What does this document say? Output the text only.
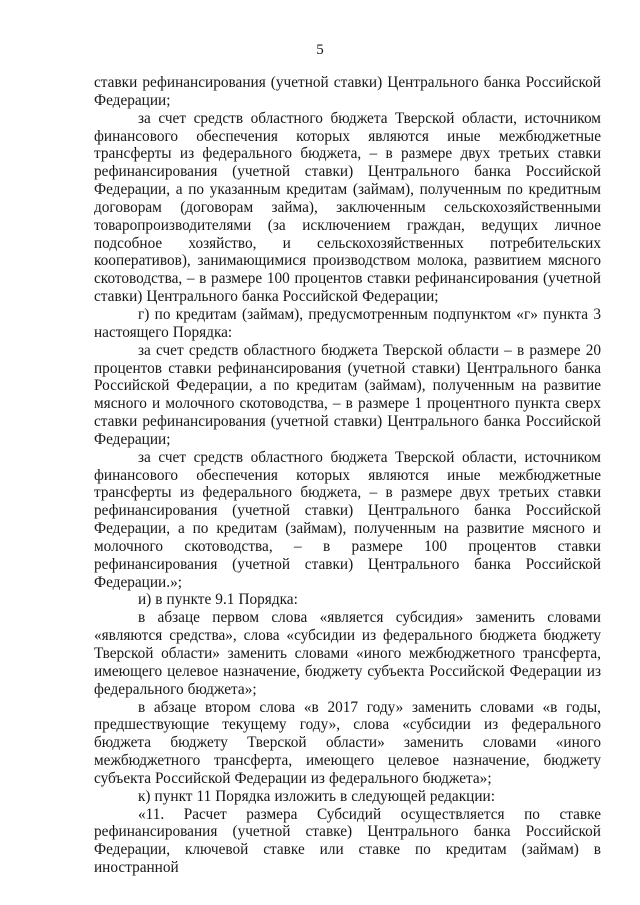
5

ставки рефинансирования (учетной ставки) Центрального банка Российской Федерации;

за счет средств областного бюджета Тверской области, источником финансового обеспечения которых являются иные межбюджетные трансферты из федерального бюджета, – в размере двух третьих ставки рефинансирования (учетной ставки) Центрального банка Российской Федерации, а по указанным кредитам (займам), полученным по кредитным договорам (договорам займа), заключенным сельскохозяйственными товаропроизводителями (за исключением граждан, ведущих личное подсобное хозяйство, и сельскохозяйственных потребительских кооперативов), занимающимися производством молока, развитием мясного скотоводства, – в размере 100 процентов ставки рефинансирования (учетной ставки) Центрального банка Российской Федерации;

г) по кредитам (займам), предусмотренным подпунктом «г» пункта 3 настоящего Порядка:

за счет средств областного бюджета Тверской области – в размере 20 процентов ставки рефинансирования (учетной ставки) Центрального банка Российской Федерации, а по кредитам (займам), полученным на развитие мясного и молочного скотоводства, – в размере 1 процентного пункта сверх ставки рефинансирования (учетной ставки) Центрального банка Российской Федерации;

за счет средств областного бюджета Тверской области, источником финансового обеспечения которых являются иные межбюджетные трансферты из федерального бюджета, – в размере двух третьих ставки рефинансирования (учетной ставки) Центрального банка Российской Федерации, а по кредитам (займам), полученным на развитие мясного и молочного скотоводства, – в размере 100 процентов ставки рефинансирования (учетной ставки) Центрального банка Российской Федерации.»;

и) в пункте 9.1 Порядка:

в абзаце первом слова «является субсидия» заменить словами «являются средства», слова «субсидии из федерального бюджета бюджету Тверской области» заменить словами «иного межбюджетного трансферта, имеющего целевое назначение, бюджету субъекта Российской Федерации из федерального бюджета»;

в абзаце втором слова «в 2017 году» заменить словами «в годы, предшествующие текущему году», слова «субсидии из федерального бюджета бюджету Тверской области» заменить словами «иного межбюджетного трансферта, имеющего целевое назначение, бюджету субъекта Российской Федерации из федерального бюджета»;

к) пункт 11 Порядка изложить в следующей редакции:

«11. Расчет размера Субсидий осуществляется по ставке рефинансирования (учетной ставке) Центрального банка Российской Федерации, ключевой ставке или ставке по кредитам (займам) в иностранной
